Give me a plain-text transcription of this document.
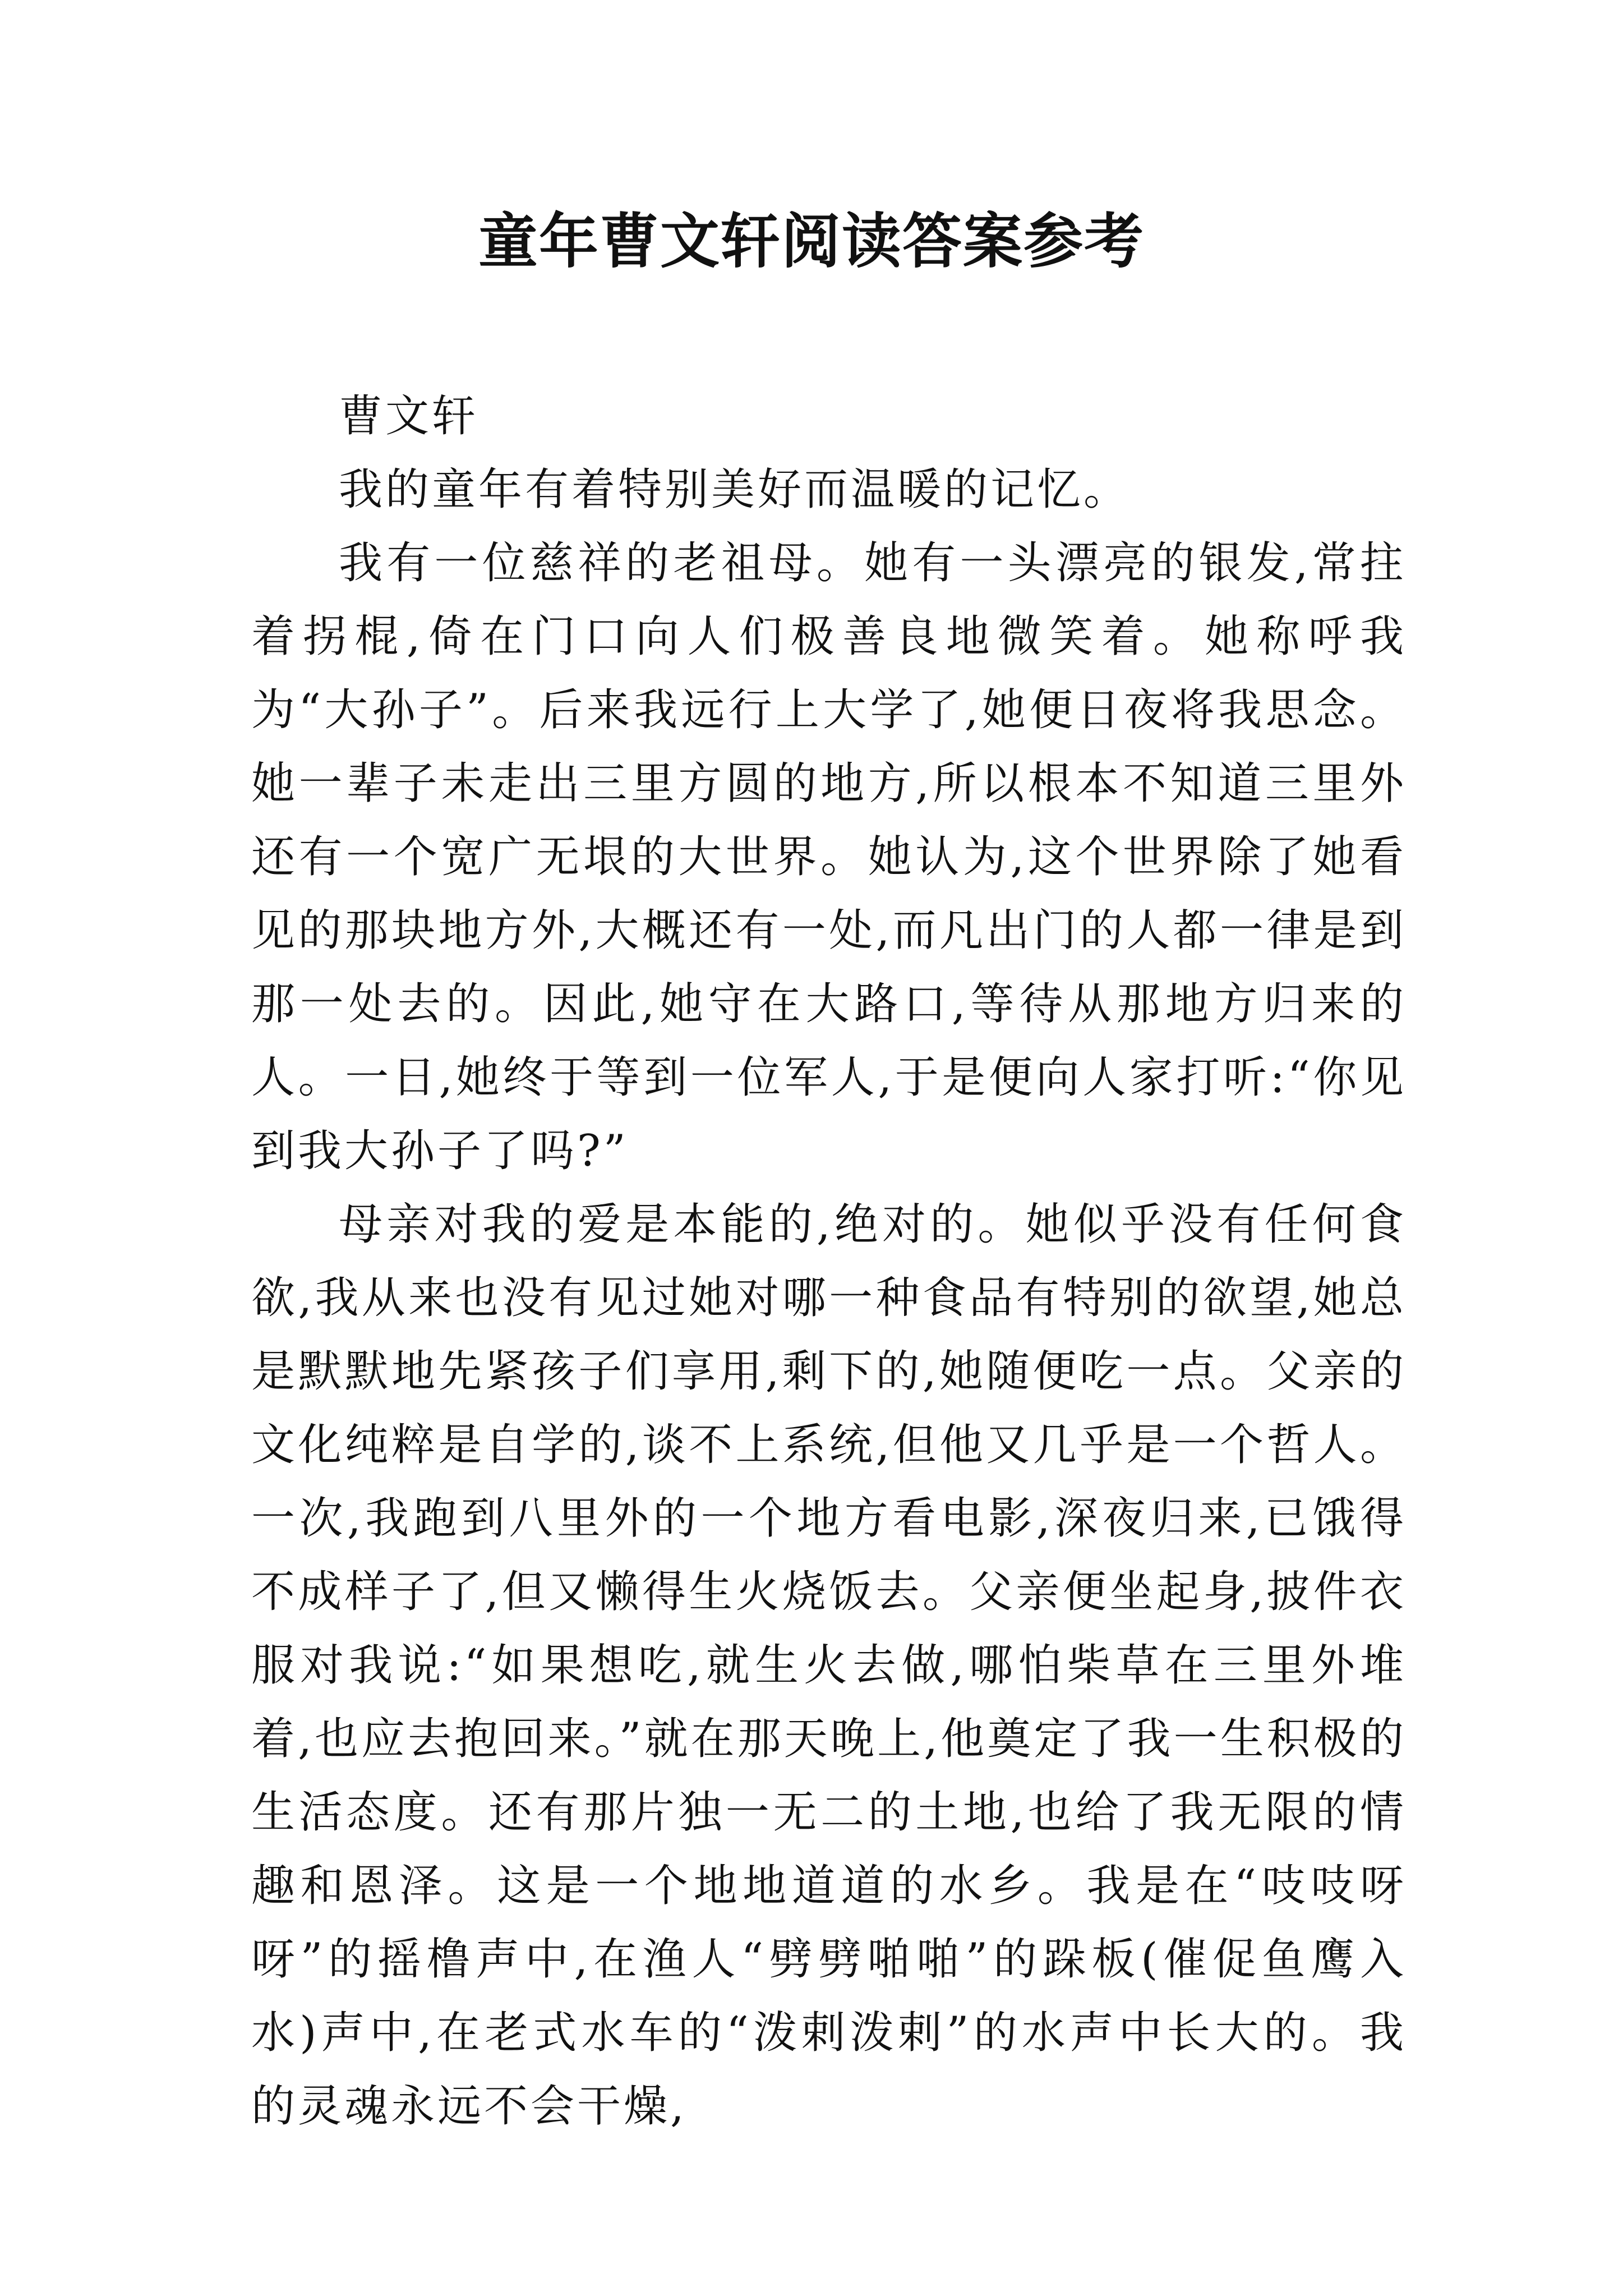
童年曹文轩阅读答案参考

曹文轩

我的童年有着特别美好而温暖的记忆。

我有一位慈祥的老祖母。她有一头漂亮的银发,常拄着拐棍,倚在门口向人们极善良地微笑着。她称呼我为“大孙子”。后来我远行上大学了,她便日夜将我思念。她一辈子未走出三里方圆的地方,所以根本不知道三里外还有一个宽广无垠的大世界。她认为,这个世界除了她看见的那块地方外,大概还有一处,而凡出门的人都一律是到那一处去的。因此,她守在大路口,等待从那地方归来的人。一日,她终于等到一位军人,于是便向人家打听:“你见到我大孙子了吗?”

母亲对我的爱是本能的,绝对的。她似乎没有任何食欲,我从来也没有见过她对哪一种食品有特别的欲望,她总是默默地先紧孩子们享用,剩下的,她随便吃一点。父亲的文化纯粹是自学的,谈不上系统,但他又几乎是一个哲人。一次,我跑到八里外的一个地方看电影,深夜归来,已饿得不成样子了,但又懒得生火烧饭去。父亲便坐起身,披件衣服对我说:“如果想吃,就生火去做,哪怕柴草在三里外堆着,也应去抱回来。”就在那天晚上,他奠定了我一生积极的生活态度。还有那片独一无二的土地,也给了我无限的情趣和恩泽。这是一个地地道道的水乡。我是在“吱吱呀呀”的摇橹声中,在渔人“劈劈啪啪”的跺板(催促鱼鹰入水)声中,在老式水车的“泼剌泼剌”的水声中长大的。我的灵魂永远不会干燥,
